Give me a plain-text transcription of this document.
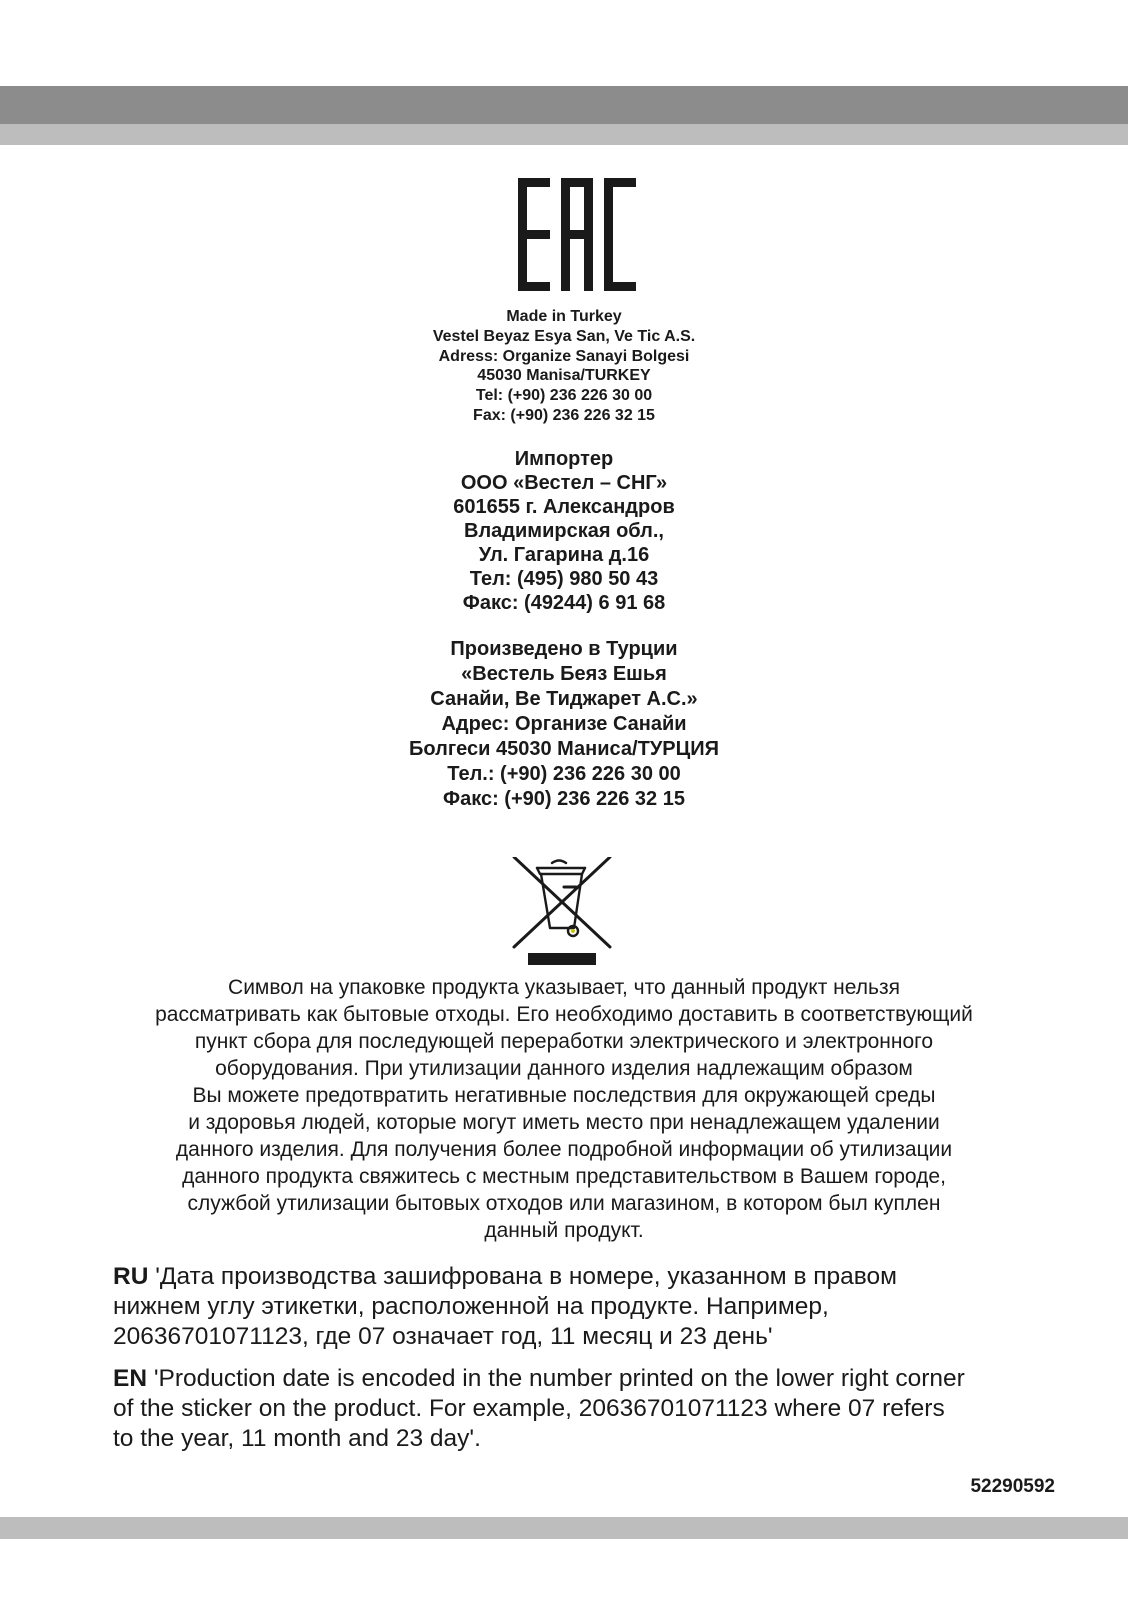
Made in Turkey
Vestel Beyaz Esya San, Ve Tic A.S.
Adress: Organize Sanayi Bolgesi
45030 Manisa/TURKEY
Tel: (+90) 236 226 30 00
Fax: (+90) 236 226 32 15
Импортер
ООО «Вестел – СНГ»
601655 г. Александров
Владимирская обл.,
Ул. Гагарина д.16
Тел: (495) 980 50 43
Факс: (49244) 6 91 68
Произведено в Турции
«Вестель Беяз Ешья
Санайи, Ве Тиджарет А.С.»
Адрес: Организе Санайи
Болгеси 45030 Маниса/ТУРЦИЯ
Тел.: (+90) 236 226 30 00
Факс: (+90) 236 226 32 15
Символ на упаковке продукта указывает, что данный продукт нельзя
рассматривать как бытовые отходы. Его необходимо доставить в соответствующий
пункт сбора для последующей переработки электрического и электронного
оборудования. При утилизации данного изделия надлежащим образом
Вы можете предотвратить негативные последствия для окружающей среды
и здоровья людей, которые могут иметь место при ненадлежащем удалении
данного изделия. Для получения более подробной информации об утилизации
данного продукта свяжитесь с местным представительством в Вашем городе,
службой утилизации бытовых отходов или магазином, в котором был куплен
данный продукт.
RU 'Дата производства зашифрована в номере, указанном в правом
нижнем углу этикетки, расположенной на продукте. Например,
20636701071123, где 07 означает год, 11 месяц и 23 день'
EN 'Production date is encoded in the number printed on the lower right corner
of the sticker on the product. For example, 20636701071123 where 07 refers
to the year, 11 month and 23 day'.
52290592
